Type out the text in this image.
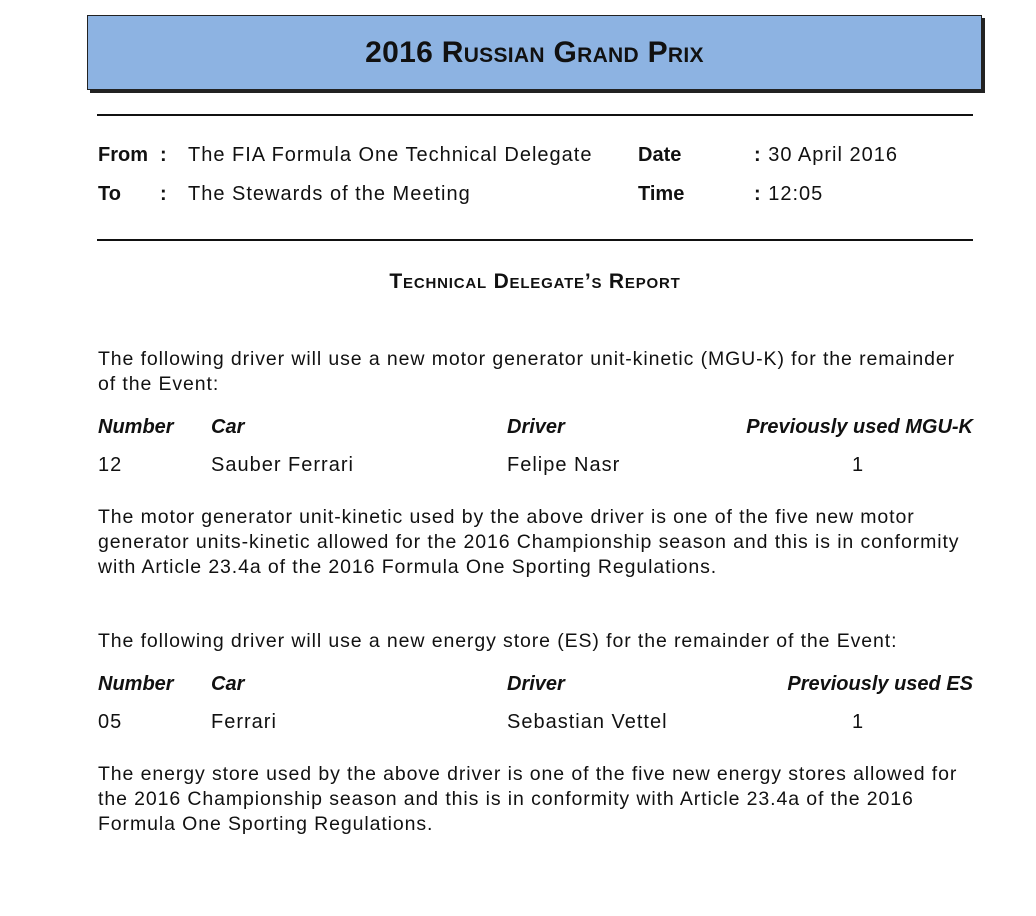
2016 Russian Grand Prix
From : The FIA Formula One Technical Delegate Date	: 30 April 2016
To : The Stewards of the Meeting	Time	: 12:05
Technical Delegate’s Report
The following driver will use a new motor generator unit-kinetic (MGU-K) for the remainder of the Event:
Number Car	Driver	Previously used MGU-K
12	Sauber Ferrari	Felipe Nasr	1
The motor generator unit-kinetic used by the above driver is one of the five new motor generator units-kinetic allowed for the 2016 Championship season and this is in conformity with Article 23.4a of the 2016 Formula One Sporting Regulations.
The following driver will use a new energy store (ES) for the remainder of the Event:
Number Car	Driver	Previously used ES
05	Ferrari	Sebastian Vettel	1
The energy store used by the above driver is one of the five new energy stores allowed for the 2016 Championship season and this is in conformity with Article 23.4a of the 2016 Formula One Sporting Regulations.
